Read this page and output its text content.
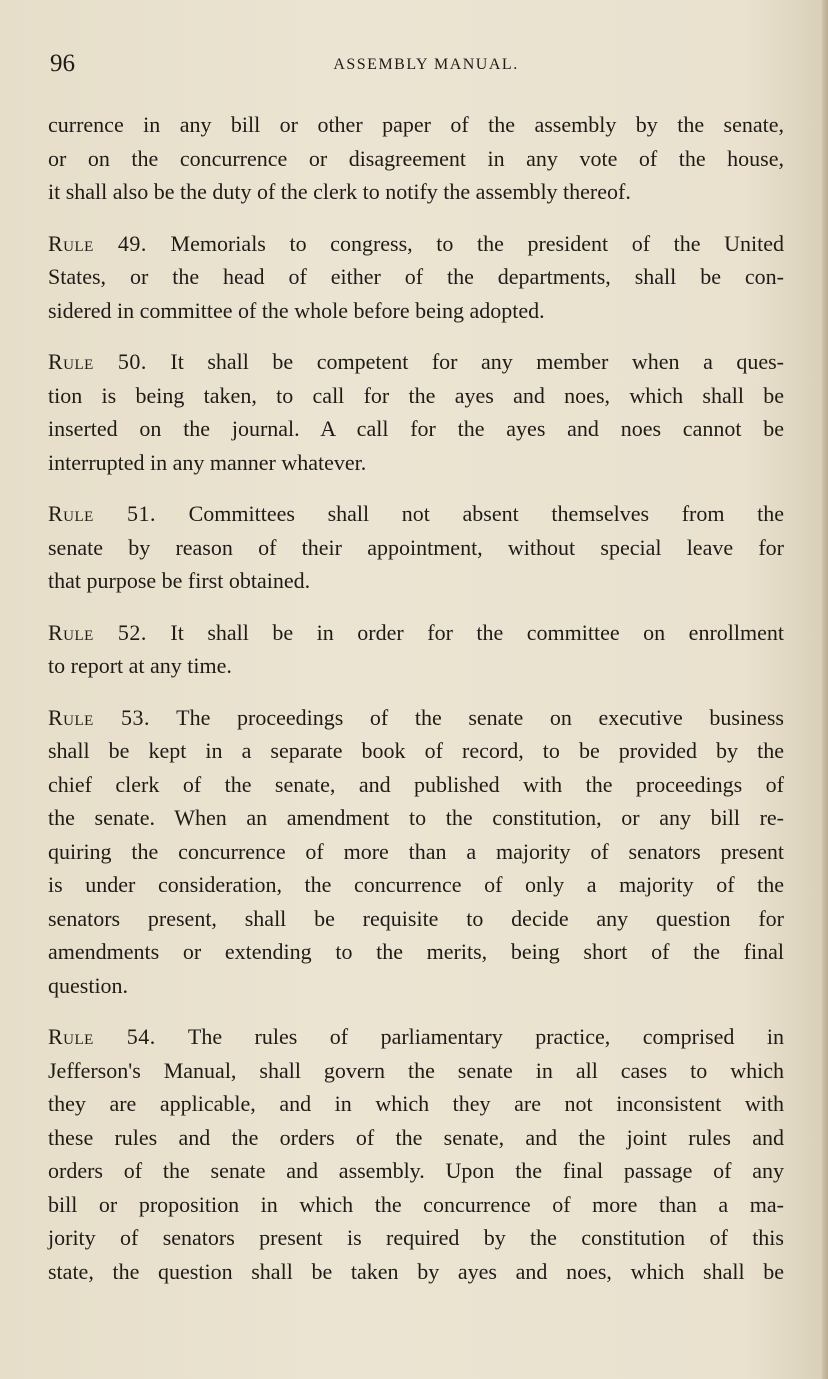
96	ASSEMBLY MANUAL.
currence in any bill or other paper of the assembly by the senate,
or on the concurrence or disagreement in any vote of the house,
it shall also be the duty of the clerk to notify the assembly thereof.
Rule 49. Memorials to congress, to the president of the United
States, or the head of either of the departments, shall be con-
sidered in committee of the whole before being adopted.
Rule 50. It shall be competent for any member when a ques-
tion is being taken, to call for the ayes and noes, which shall be
inserted on the journal. A call for the ayes and noes cannot be
interrupted in any manner whatever.
Rule 51. Committees shall not absent themselves from the
senate by reason of their appointment, without special leave for
that purpose be first obtained.
Rule 52. It shall be in order for the committee on enrollment
to report at any time.
Rule 53. The proceedings of the senate on executive business
shall be kept in a separate book of record, to be provided by the
chief clerk of the senate, and published with the proceedings of
the senate. When an amendment to the constitution, or any bill re-
quiring the concurrence of more than a majority of senators present
is under consideration, the concurrence of only a majority of the
senators present, shall be requisite to decide any question for
amendments or extending to the merits, being short of the final
question.
Rule 54. The rules of parliamentary practice, comprised in
Jefferson's Manual, shall govern the senate in all cases to which
they are applicable, and in which they are not inconsistent with
these rules and the orders of the senate, and the joint rules and
orders of the senate and assembly. Upon the final passage of any
bill or proposition in which the concurrence of more than a ma-
jority of senators present is required by the constitution of this
state, the question shall be taken by ayes and noes, which shall be
